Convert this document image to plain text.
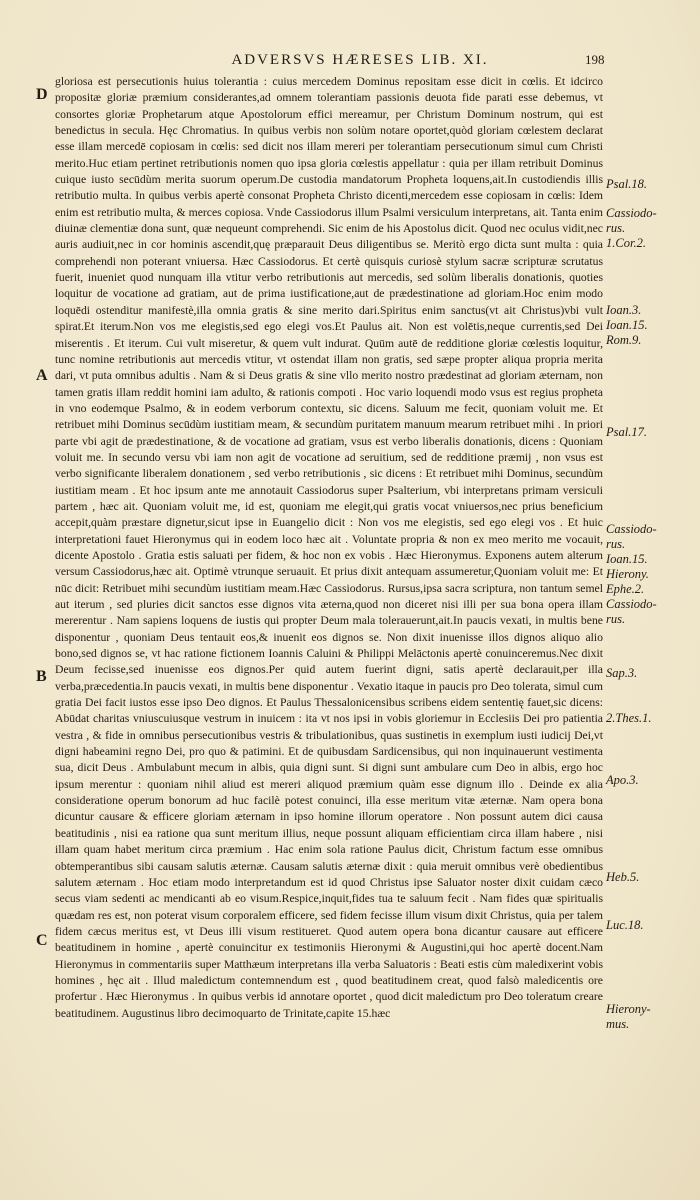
ADVERSVS HÆRESES LIB. XI.	198
D
A
B
C

gloriosa est persecutionis huius tolerantia : cuius mercedem Dominus repositam esse dicit in cœlis. Et idcirco propositæ gloriæ præmium considerantes,ad omnem tolerantiam passionis deuota fide parati esse debemus, vt consortes gloriæ Prophetarum atque Apostolorum effici mereamur, per Christum Dominum nostrum, qui est benedictus in secula. Hęc Chromatius. In quibus verbis non solùm notare oportet,quòd gloriam cœlestem declarat esse illam mercedē copiosam in cœlis: sed dicit nos illam mereri per tolerantiam persecutionum simul cum Christi merito.Huc etiam pertinet retributionis nomen quo ipsa gloria cœlestis appellatur : quia per illam retribuit Dominus cuique iusto secūdùm merita suorum operum.De custodia mandatorum Propheta loquens,ait.In custodiendis illis retributio multa. In quibus verbis apertè consonat Propheta Christo dicenti,mercedem esse copiosam in cœlis: Idem enim est retributio multa, & merces copiosa. Vnde Cassiodorus illum Psalmi versiculum interpretans, ait. Tanta enim diuinæ clementiæ dona sunt, quæ nequeunt comprehendi. Sic enim de his Apostolus dicit. Quod nec oculus vidit,nec auris audiuit,nec in cor hominis ascendit,quę præparauit Deus diligentibus se. Meritò ergo dicta sunt multa : quia comprehendi non poterant vniuersa. Hæc Cassiodorus. Et certè quisquis curiosè stylum sacræ scripturæ scrutatus fuerit, inueniet quod nunquam illa vtitur verbo retributionis aut mercedis, sed solùm liberalis donationis, quoties loquitur de vocatione ad gratiam, aut de prima iustificatione,aut de prædestinatione ad gloriam.Hoc enim modo loquēdi ostenditur manifestè,illa omnia gratis & sine merito dari.Spiritus enim sanctus(vt ait Christus)vbi vult spirat.Et iterum.Non vos me elegistis,sed ego elegi vos.Et Paulus ait. Non est volētis,neque currentis,sed Dei miserentis . Et iterum. Cui vult miseretur, & quem vult indurat. Quūm autē de redditione gloriæ cœlestis loquitur, tunc nomine retributionis aut mercedis vtitur, vt ostendat illam non gratis, sed sæpe propter aliqua propria merita dari, vt puta omnibus adultis . Nam & si Deus gratis & sine vllo merito nostro prædestinat ad gloriam æternam, non tamen gratis illam reddit homini iam adulto, & rationis compoti . Hoc vario loquendi modo vsus est regius propheta in vno eodemque Psalmo, & in eodem verborum contextu, sic dicens. Saluum me fecit, quoniam voluit me. Et retribuet mihi Dominus secūdùm iustitiam meam, & secundùm puritatem manuum mearum retribuet mihi . In priori parte vbi agit de prædestinatione, & de vocatione ad gratiam, vsus est verbo liberalis donationis, dicens : Quoniam voluit me. In secundo versu vbi iam non agit de vocatione ad seruitium, sed de redditione præmij , non vsus est verbo significante liberalem donationem , sed verbo retributionis , sic dicens : Et retribuet mihi Dominus, secundùm iustitiam meam . Et hoc ipsum ante me annotauit Cassiodorus super Psalterium, vbi interpretans primam versiculi partem , hæc ait. Quoniam voluit me, id est, quoniam me elegit,qui gratis vocat vniuersos,nec prius beneficium accepit,quàm præstare dignetur,sicut ipse in Euangelio dicit : Non vos me elegistis, sed ego elegi vos . Et huic interpretationi fauet Hieronymus qui in eodem loco hæc ait . Voluntate propria & non ex meo merito me vocauit, dicente Apostolo . Gratia estis saluati per fidem, & hoc non ex vobis . Hæc Hieronymus. Exponens autem alterum versum Cassiodorus,hæc ait. Optimè vtrunque seruauit. Et prius dixit antequam assumeretur,Quoniam voluit me: Et nūc dicit: Retribuet mihi secundùm iustitiam meam.Hæc Cassiodorus. Rursus,ipsa sacra scriptura, non tantum semel aut iterum , sed pluries dicit sanctos esse dignos vita æterna,quod non diceret nisi illi per sua bona opera illam mererentur . Nam sapiens loquens de iustis qui propter Deum mala tolerauerunt,ait.In paucis vexati, in multis bene disponentur , quoniam Deus tentauit eos,& inuenit eos dignos se. Non dixit inuenisse illos dignos aliquo alio bono,sed dignos se, vt hac ratione fictionem Ioannis Caluini & Philippi Melāctonis apertè conuinceremus.Nec dixit Deum fecisse,sed inuenisse eos dignos.Per quid autem fuerint digni, satis apertè declarauit,per illa verba,præcedentia.In paucis vexati, in multis bene disponentur . Vexatio itaque in paucis pro Deo tolerata, simul cum gratia Dei facit iustos esse ipso Deo dignos. Et Paulus Thessalonicensibus scribens eidem sententię fauet,sic dicens: Abūdat charitas vniuscuiusque vestrum in inuicem : ita vt nos ipsi in vobis gloriemur in Ecclesiis Dei pro patientia vestra , & fide in omnibus persecutionibus vestris & tribulationibus, quas sustinetis in exemplum iusti iudicij Dei,vt digni habeamini regno Dei, pro quo & patimini. Et de quibusdam Sardicensibus, qui non inquinauerunt vestimenta sua, dicit Deus . Ambulabunt mecum in albis, quia digni sunt. Si digni sunt ambulare cum Deo in albis, ergo hoc ipsum merentur : quoniam nihil aliud est mereri aliquod præmium quàm esse dignum illo . Deinde ex alia consideratione operum bonorum ad huc facilè potest conuinci, illa esse meritum vitæ æternæ. Nam opera bona dicuntur causare & efficere gloriam æternam in ipso homine illorum operatore . Non possunt autem dici causa beatitudinis , nisi ea ratione qua sunt meritum illius, neque possunt aliquam efficientiam circa illam habere , nisi illam quam habet meritum circa præmium . Hac enim sola ratione Paulus dicit, Christum factum esse omnibus obtemperantibus sibi causam salutis æternæ. Causam salutis æternæ dixit : quia meruit omnibus verè obedientibus salutem æternam . Hoc etiam modo interpretandum est id quod Christus ipse Saluator noster dixit cuidam cæco secus viam sedenti ac mendicanti ab eo visum.Respice,inquit,fides tua te saluum fecit . Nam fides quæ spiritualis quædam res est, non poterat visum corporalem efficere, sed fidem fecisse illum visum dixit Christus, quia per talem fidem cæcus meritus est, vt Deus illi visum restitueret. Quod autem opera bona dicantur causare aut efficere beatitudinem in homine , apertè conuincitur ex testimoniis Hieronymi & Augustini,qui hoc apertè docent.Nam Hieronymus in commentariis super Matthæum interpretans illa verba Saluatoris : Beati estis cùm maledixerint vobis homines , hęc ait . Illud maledictum contemnendum est , quod beatitudinem creat, quod falsò maledicentis ore profertur . Hæc Hieronymus . In quibus verbis id annotare oportet , quod dicit maledictum pro Deo toleratum creare beatitudinem. Augustinus libro decimoquarto de Trinitate,capite 15.hæc

Psal.18.
Cassiodo-
rus.
1.Cor.2.
Ioan.3.
Ioan.15.
Rom.9.
Psal.17.
Cassiodo-
rus.
Ioan.15.
Hierony.
Ephe.2.
Cassiodo-
rus.
Sap.3.
2.Thes.1.
Apo.3.
Heb.5.
Luc.18.
Hierony-
mus.
